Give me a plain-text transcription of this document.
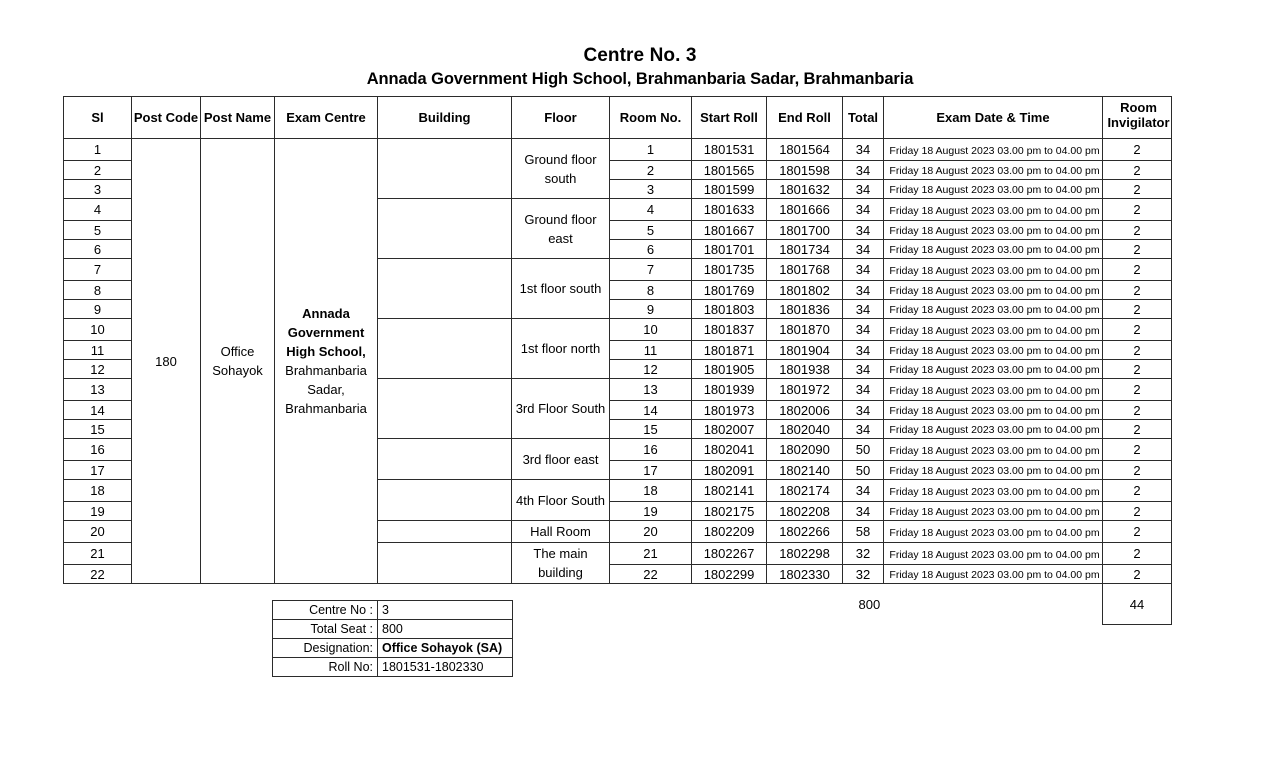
Centre No. 3
Annada Government High School, Brahmanbaria Sadar, Brahmanbaria
Sl	Post Code	Post Name	Exam Centre	Building	Floor	Room No.	Start Roll	End Roll	Total	Exam Date & Time	Room Invigilator
1	180	Office Sohayok	Annada Government High School, Brahmanbaria Sadar, Brahmanbaria		Ground floor south	1	1801531	1801564	34	Friday 18 August 2023 03.00 pm to 04.00 pm	2
2						2	1801565	1801598	34	Friday 18 August 2023 03.00 pm to 04.00 pm	2
3						3	1801599	1801632	34	Friday 18 August 2023 03.00 pm to 04.00 pm	2
4					Ground floor east	4	1801633	1801666	34	Friday 18 August 2023 03.00 pm to 04.00 pm	2
5						5	1801667	1801700	34	Friday 18 August 2023 03.00 pm to 04.00 pm	2
6						6	1801701	1801734	34	Friday 18 August 2023 03.00 pm to 04.00 pm	2
7					1st floor south	7	1801735	1801768	34	Friday 18 August 2023 03.00 pm to 04.00 pm	2
8						8	1801769	1801802	34	Friday 18 August 2023 03.00 pm to 04.00 pm	2
9						9	1801803	1801836	34	Friday 18 August 2023 03.00 pm to 04.00 pm	2
10					1st floor north	10	1801837	1801870	34	Friday 18 August 2023 03.00 pm to 04.00 pm	2
11						11	1801871	1801904	34	Friday 18 August 2023 03.00 pm to 04.00 pm	2
12						12	1801905	1801938	34	Friday 18 August 2023 03.00 pm to 04.00 pm	2
13					3rd Floor South	13	1801939	1801972	34	Friday 18 August 2023 03.00 pm to 04.00 pm	2
14						14	1801973	1802006	34	Friday 18 August 2023 03.00 pm to 04.00 pm	2
15						15	1802007	1802040	34	Friday 18 August 2023 03.00 pm to 04.00 pm	2
16					3rd floor east	16	1802041	1802090	50	Friday 18 August 2023 03.00 pm to 04.00 pm	2
17						17	1802091	1802140	50	Friday 18 August 2023 03.00 pm to 04.00 pm	2
18					4th Floor South	18	1802141	1802174	34	Friday 18 August 2023 03.00 pm to 04.00 pm	2
19						19	1802175	1802208	34	Friday 18 August 2023 03.00 pm to 04.00 pm	2
20					Hall Room	20	1802209	1802266	58	Friday 18 August 2023 03.00 pm to 04.00 pm	2
21					The main building	21	1802267	1802298	32	Friday 18 August 2023 03.00 pm to 04.00 pm	2
22						22	1802299	1802330	32	Friday 18 August 2023 03.00 pm to 04.00 pm	2
									800		44
Centre No :	3
Total Seat :	800
Designation:	Office Sohayok (SA)
Roll No:	1801531-1802330
